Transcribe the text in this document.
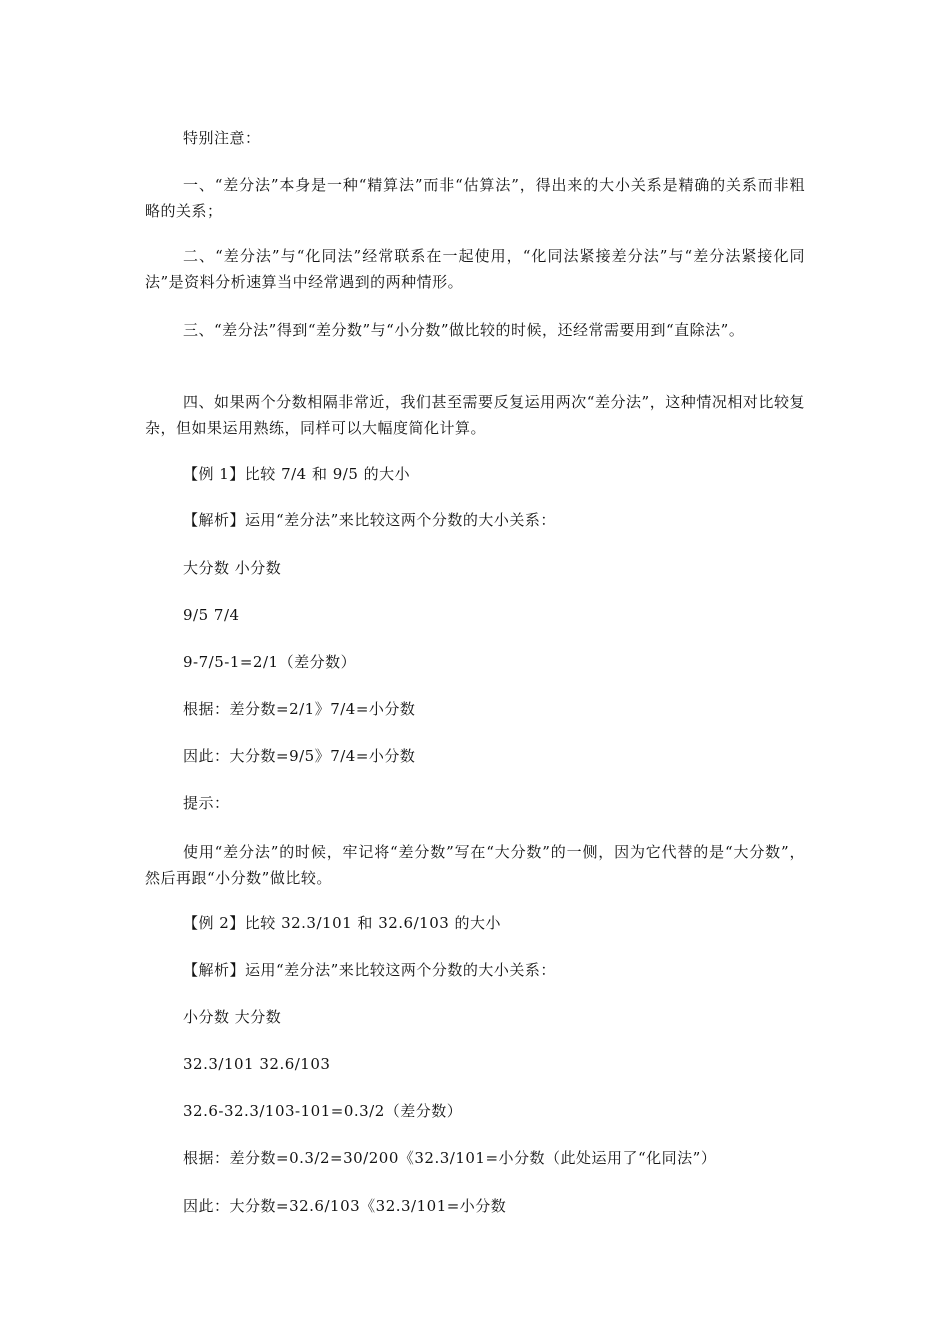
特别注意：
一、“差分法”本身是一种“精算法”而非“估算法”，得出来的大小关系是精确的关系而非粗略的关系；
二、“差分法”与“化同法”经常联系在一起使用，“化同法紧接差分法”与“差分法紧接化同法”是资料分析速算当中经常遇到的两种情形。
三、“差分法”得到“差分数”与“小分数”做比较的时候，还经常需要用到“直除法”。
四、如果两个分数相隔非常近，我们甚至需要反复运用两次“差分法”，这种情况相对比较复杂，但如果运用熟练，同样可以大幅度简化计算。
【例 1】比较 7/4 和 9/5 的大小
【解析】运用“差分法”来比较这两个分数的大小关系：
大分数 小分数
9/5 7/4
9-7/5-1=2/1（差分数）
根据：差分数=2/1》7/4=小分数
因此：大分数=9/5》7/4=小分数
提示：
使用“差分法”的时候，牢记将“差分数”写在“大分数”的一侧，因为它代替的是“大分数”，然后再跟“小分数”做比较。
【例 2】比较 32.3/101 和 32.6/103 的大小
【解析】运用“差分法”来比较这两个分数的大小关系：
小分数 大分数
32.3/101 32.6/103
32.6-32.3/103-101=0.3/2（差分数）
根据：差分数=0.3/2=30/200《32.3/101=小分数（此处运用了“化同法”）
因此：大分数=32.6/103《32.3/101=小分数
